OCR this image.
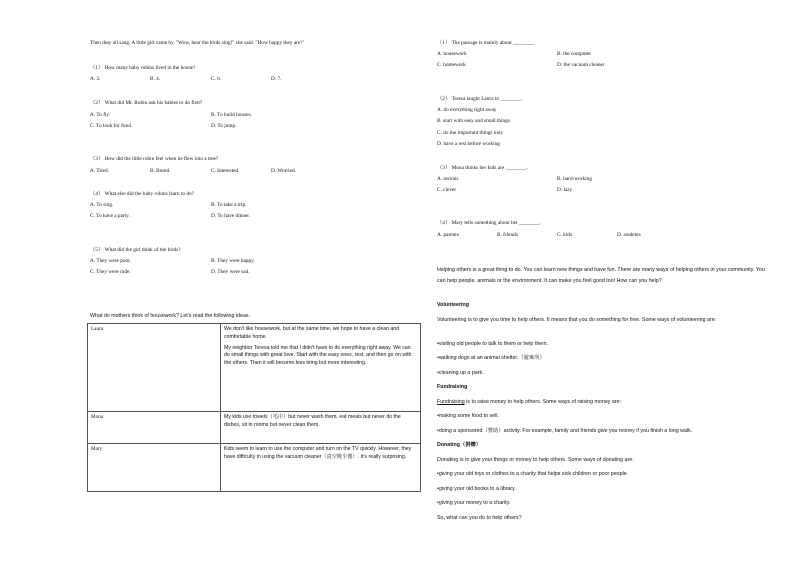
Then they all sang. A little girl came by. "Wow, hear the birds sing!" she said. "How happy they are!"
（1） How many baby robins lived in the house?
A. 3.	B. 4.	C. 6.	D. 7.
（2） What did Mr. Robin ask his babies to do first?
A. To fly.	B. To build houses.
C. To look for food.	D. To jump.
（3） How did the little robin feel when he flew into a tree?
A. Tired.	B. Bored.	C. Interested.	D. Worried.
（4） What else did the baby robins learn to do?
A. To sing.	B. To take a trip.
C. To have a party.	D. To have dinner.
（5） What did the girl think of the birds?
A. They were poor.	B. They were happy.
C. They were rude.	D. They were sad.
What do mothers think of housework? Let's read the following ideas.
Laura	We don't like housework, but at the same time, we hope to have a clean and comfortable home.

My neighbor Teresa told me that I didn't have to do everything right away. We can do small things with great love. Start with the easy ones, rest, and then go on with the others. Then it will become less tiring but more interesting.

Mona	My kids use towels（毛巾）but never wash them, eat meals but never do the dishes, sit in rooms but never clean them.

Mary	Kids seem to learn to use the computer and turn on the TV quickly. However, they have difficulty in using the vacuum cleaner（真空吸尘器）. It's really surprising.

（1） The passage is mainly about ________.
A. housework	B. the computer
C. homework	D. the vacuum cleaner
（2） Teresa taught Laura to ________.
A. do everything right away
B. start with easy and small things
C. do the important things only
D. have a rest before working
（3） Mona thinks her kids are ________.
A. serious	B. hard-working
C. clever	D. lazy
（4） Mary tells something about her ________.
A. parents	B. friends	C. kids	D. students
Helping others is a great thing to do. You can learn new things and have fun. There are many ways of helping others in your community. You can help people, animals or the environment. It can make you feel good too! How can you help?
Volunteering
Volunteering is to give you time to help others. It means that you do something for free. Some ways of volunteering are:
•visiting old people to talk to them or help them.
•walking dogs at an animal shelter.（避难所）
•cleaning up a park.
Fundraising
Fundraising is to raise money to help others. Some ways of raising money are:
•making some food to sell.
•doing a sponsored（赞助）activity. For example, family and friends give you money if you finish a long walk.
Donating（捐赠）
Donating is to give your things or money to help others. Some ways of donating are:
•giving your old toys or clothes to a charity that helps sick children or poor people.
•giving your old books to a library.
•giving your money to a charity.
So, what can you do to help others?
